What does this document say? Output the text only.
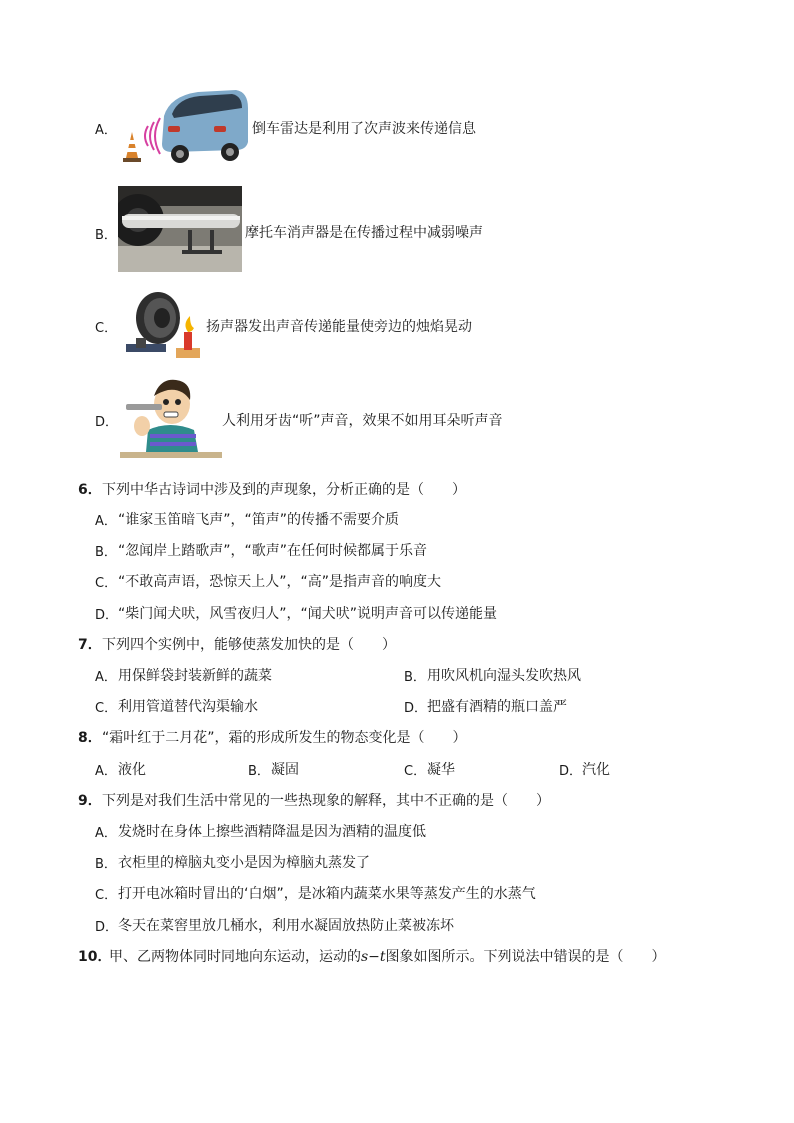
A．	倒车雷达是利用了次声波来传递信息
B．	摩托车消声器是在传播过程中减弱噪声
C．	扬声器发出声音传递能量使旁边的烛焰晃动
D．	人利用牙齿“听”声音，效果不如用耳朵听声音
6． 下列中华古诗词中涉及到的声现象，分析正确的是（　　）
A． “谁家玉笛暗飞声”，“笛声”的传播不需要介质
B． “忽闻岸上踏歌声”，“歌声”在任何时候都属于乐音
C． “不敢高声语，恐惊天上人”，“高”是指声音的响度大
D． “柴门闻犬吠，风雪夜归人”，“闻犬吠”说明声音可以传递能量
7． 下列四个实例中，能够使蒸发加快的是（　　）
A． 用保鲜袋封装新鲜的蔬菜	B． 用吹风机向湿头发吹热风
C． 利用管道替代沟渠输水	D． 把盛有酒精的瓶口盖严
8． “霜叶红于二月花”，霜的形成所发生的物态变化是（　　）
A． 液化	B． 凝固	C． 凝华	D． 汽化
9． 下列是对我们生活中常见的一些热现象的解释，其中不正确的是（　　）
A． 发烧时在身体上擦些酒精降温是因为酒精的温度低
B． 衣柜里的樟脑丸变小是因为樟脑丸蒸发了
C． 打开电冰箱时冒出的‘白烟”，是冰箱内蔬菜水果等蒸发产生的水蒸气
D． 冬天在菜窖里放几桶水，利用水凝固放热防止菜被冻坏
10．
甲、乙两物体同时同地向东运动，运动的s−t图象如图所示。下列说法中错误的是（　　）
